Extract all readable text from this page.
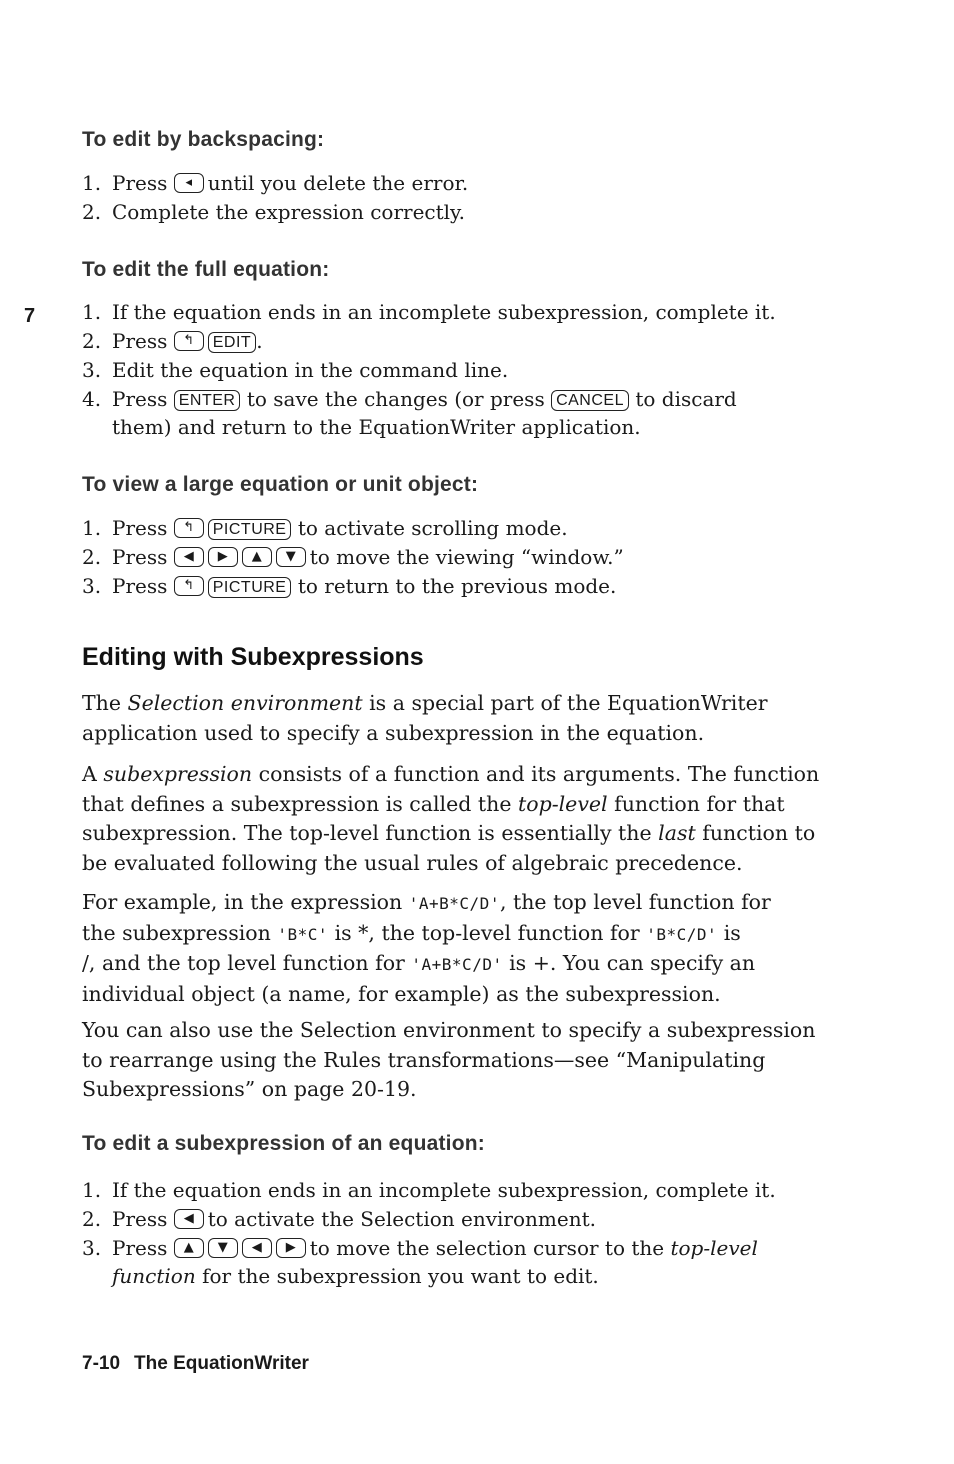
7
To edit by backspacing:
1. Press	◂ until you delete the error.
2. Complete the expression correctly.
To edit the full equation:
1. If the equation ends in an incomplete subexpression, complete it.
2. Press	↰	EDIT .
3. Edit the equation in the command line.
4. Press ENTER to save the changes (or press CANCEL to discard
them) and return to the EquationWriter application.
To view a large equation or unit object:
1. Press	↰	PICTURE to activate scrolling mode.
2. Press	◀	▶	▲	▼ to move the viewing “window.”
3. Press	↰	PICTURE to return to the previous mode.
Editing with Subexpressions
The Selection environment is a special part of the EquationWriter
application used to specify a subexpression in the equation.
A subexpression consists of a function and its arguments. The function
that defines a subexpression is called the top-level function for that
subexpression. The top-level function is essentially the last function to
be evaluated following the usual rules of algebraic precedence.
For example, in the expression 'A+B*C/D', the top level function for
the subexpression 'B*C' is *, the top-level function for 'B*C/D' is
/, and the top level function for 'A+B*C/D' is +. You can specify an
individual object (a name, for example) as the subexpression.
You can also use the Selection environment to specify a subexpression
to rearrange using the Rules transformations—see “Manipulating
Subexpressions” on page 20-19.
To edit a subexpression of an equation:
1. If the equation ends in an incomplete subexpression, complete it.
2. Press	◀ to activate the Selection environment.
3. Press	▲	▼	◀	▶ to move the selection cursor to the top-level
function for the subexpression you want to edit.
7-10 The EquationWriter
